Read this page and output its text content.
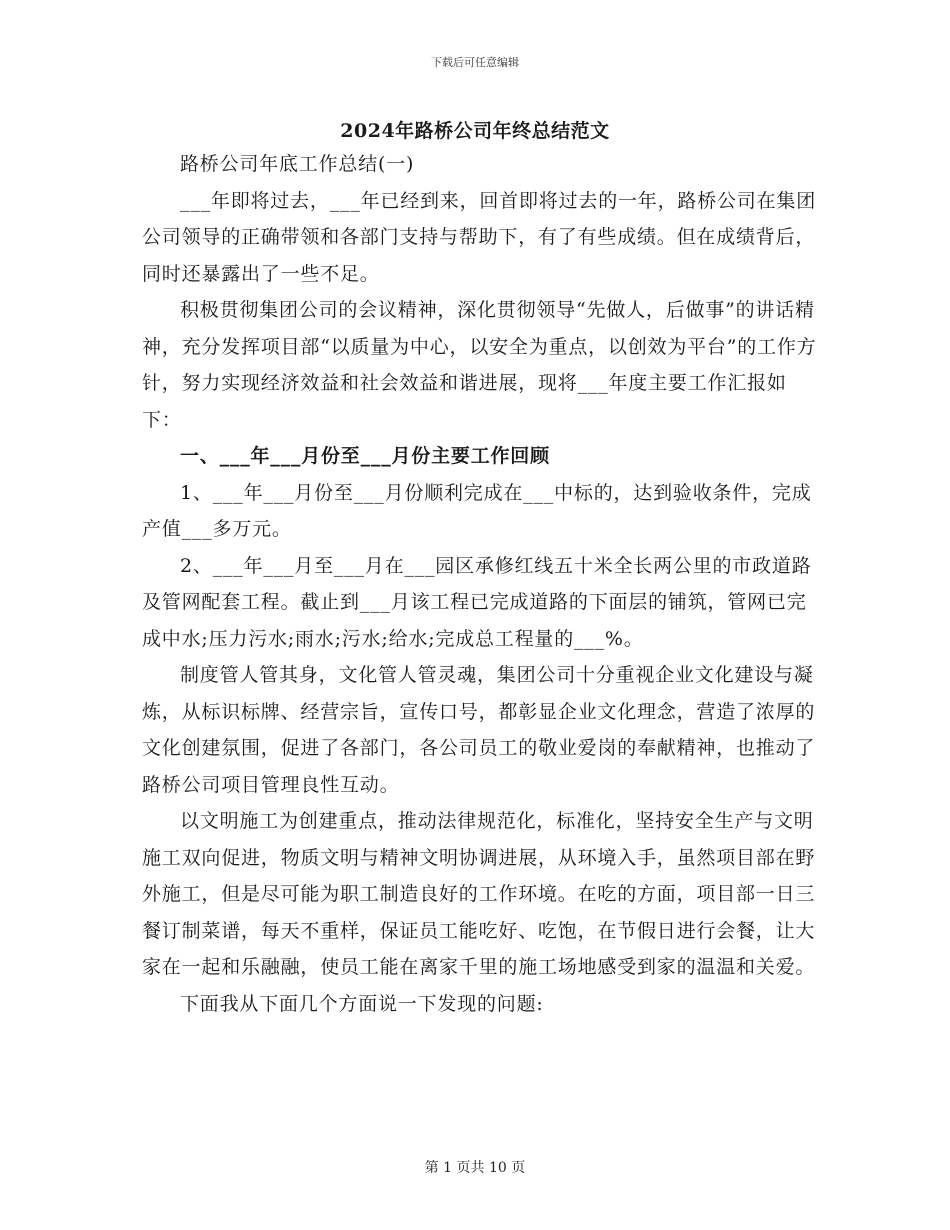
下载后可任意编辑
2024年路桥公司年终总结范文

路桥公司年底工作总结(一)

___年即将过去，___年已经到来，回首即将过去的一年，路桥公司在集团公司领导的正确带领和各部门支持与帮助下，有了有些成绩。但在成绩背后，同时还暴露出了一些不足。

积极贯彻集团公司的会议精神，深化贯彻领导“先做人，后做事”的讲话精神，充分发挥项目部“以质量为中心，以安全为重点，以创效为平台”的工作方针，努力实现经济效益和社会效益和谐进展，现将___年度主要工作汇报如下：

一、___年___月份至___月份主要工作回顾

1、___年___月份至___月份顺利完成在___中标的，达到验收条件，完成产值___多万元。

2、___年___月至___月在___园区承修红线五十米全长两公里的市政道路及管网配套工程。截止到___月该工程已完成道路的下面层的铺筑，管网已完成中水;压力污水;雨水;污水;给水;完成总工程量的___%。

制度管人管其身，文化管人管灵魂，集团公司十分重视企业文化建设与凝炼，从标识标牌、经营宗旨，宣传口号，都彰显企业文化理念，营造了浓厚的文化创建氛围，促进了各部门，各公司员工的敬业爱岗的奉献精神，也推动了路桥公司项目管理良性互动。

以文明施工为创建重点，推动法律规范化，标准化，坚持安全生产与文明施工双向促进，物质文明与精神文明协调进展，从环境入手，虽然项目部在野外施工，但是尽可能为职工制造良好的工作环境。在吃的方面，项目部一日三餐订制菜谱，每天不重样，保证员工能吃好、吃饱，在节假日进行会餐，让大家在一起和乐融融，使员工能在离家千里的施工场地感受到家的温温和关爱。

下面我从下面几个方面说一下发现的问题:

第 1 页共 10 页
